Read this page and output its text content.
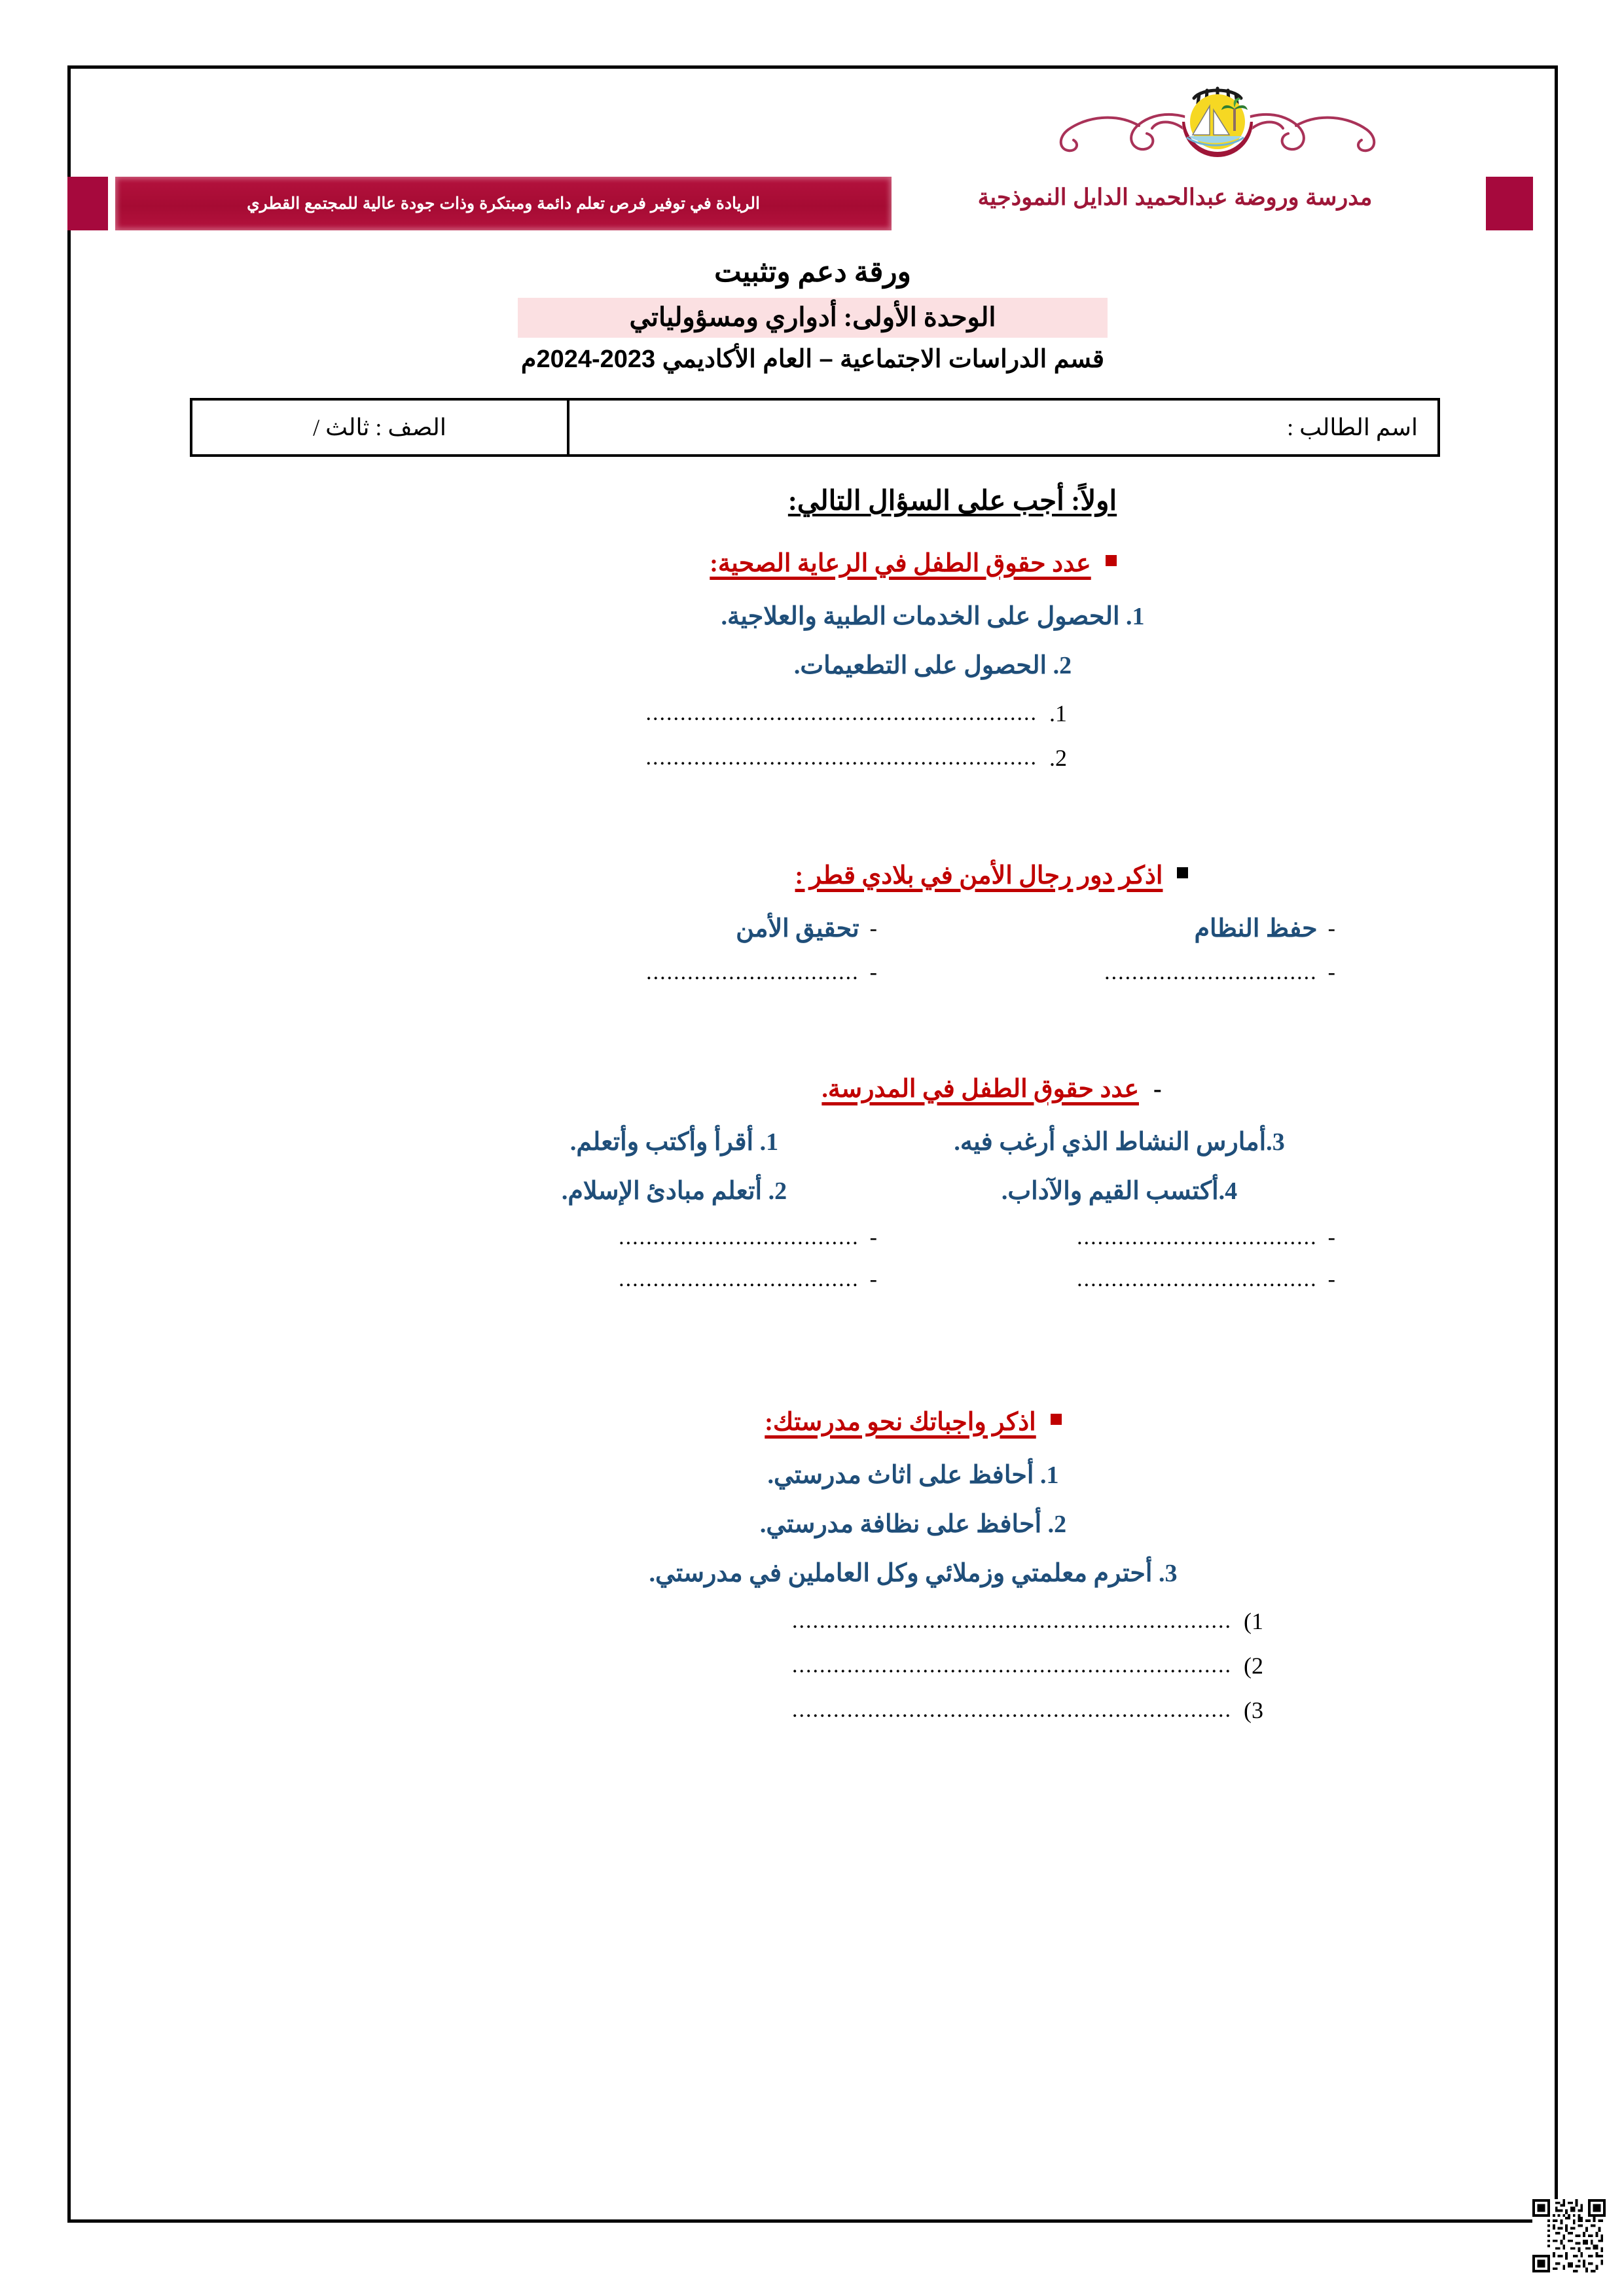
الريادة في توفير فرص تعلم دائمة ومبتكرة وذات جودة عالية للمجتمع القطري	مدرسة وروضة عبدالحميد الدايل النموذجية
ورقة دعم وتثبيت
الوحدة الأولى: أدواري ومسؤولياتي
قسم الدراسات الاجتماعية – العام الأكاديمي 2023-2024م
اسم الطالب :
الصف : ثالث /
اولاً: أجب على السؤال التالي:
عدد حقوق الطفل في الرعاية الصحية:
1. الحصول على الخدمات الطبية والعلاجية.
2. الحصول على التطعيمات.
1.
.........................................................
2.
.........................................................
اذكر دور رجال الأمن في بلادي قطر :
-
حفظ النظام
-
تحقيق الأمن
-
...............................
-
...............................
-
عدد حقوق الطفل في المدرسة.
3.أمارس النشاط الذي أرغب فيه.
1. أقرأ وأكتب وأتعلم.
4.أكتسب القيم والآداب.
2. أتعلم مبادئ الإسلام.
-
...................................
-
...................................
-
...................................
-
...................................
اذكر واجباتك نحو مدرستك:
1. أحافظ على اثاث مدرستي.
2. أحافظ على نظافة مدرستي.
3. أحترم معلمتي وزملائي وكل العاملين في مدرستي.
1)
................................................................
2)
................................................................
3)
................................................................
